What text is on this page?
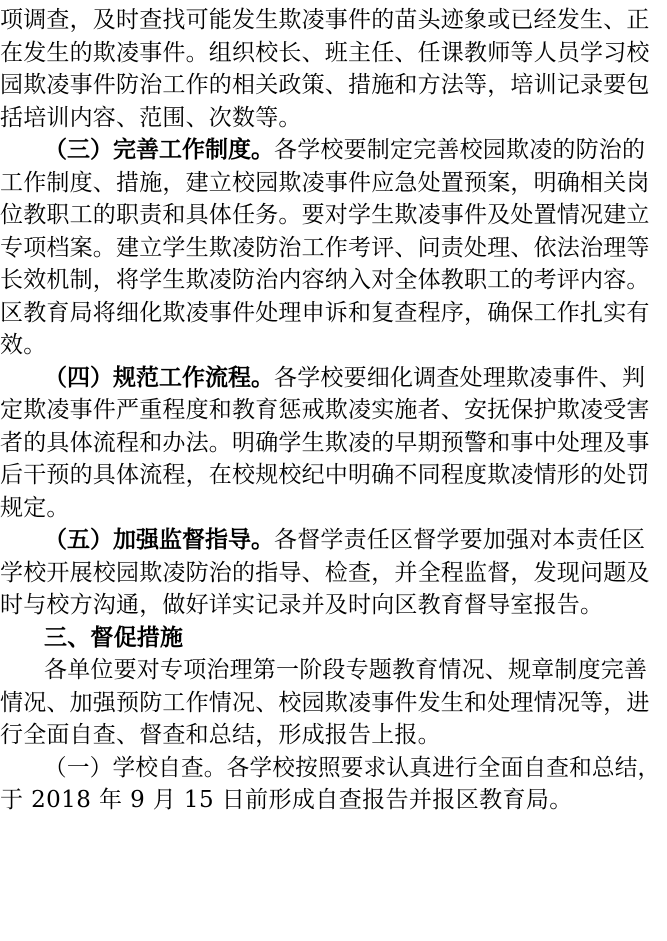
项调查，及时查找可能发生欺凌事件的苗头迹象或已经发生、正
在发生的欺凌事件。组织校长、班主任、任课教师等人员学习校
园欺凌事件防治工作的相关政策、措施和方法等，培训记录要包
括培训内容、范围、次数等。
（三）完善工作制度。各学校要制定完善校园欺凌的防治的
工作制度、措施，建立校园欺凌事件应急处置预案，明确相关岗
位教职工的职责和具体任务。要对学生欺凌事件及处置情况建立
专项档案。建立学生欺凌防治工作考评、问责处理、依法治理等
长效机制，将学生欺凌防治内容纳入对全体教职工的考评内容。
区教育局将细化欺凌事件处理申诉和复查程序，确保工作扎实有
效。
（四）规范工作流程。各学校要细化调查处理欺凌事件、判
定欺凌事件严重程度和教育惩戒欺凌实施者、安抚保护欺凌受害
者的具体流程和办法。明确学生欺凌的早期预警和事中处理及事
后干预的具体流程，在校规校纪中明确不同程度欺凌情形的处罚
规定。
（五）加强监督指导。各督学责任区督学要加强对本责任区
学校开展校园欺凌防治的指导、检查，并全程监督，发现问题及
时与校方沟通，做好详实记录并及时向区教育督导室报告。
三、督促措施
各单位要对专项治理第一阶段专题教育情况、规章制度完善
情况、加强预防工作情况、校园欺凌事件发生和处理情况等，进
行全面自查、督查和总结，形成报告上报。
（一）学校自查。各学校按照要求认真进行全面自查和总结，
于 2018 年 9 月 15 日前形成自查报告并报区教育局。
